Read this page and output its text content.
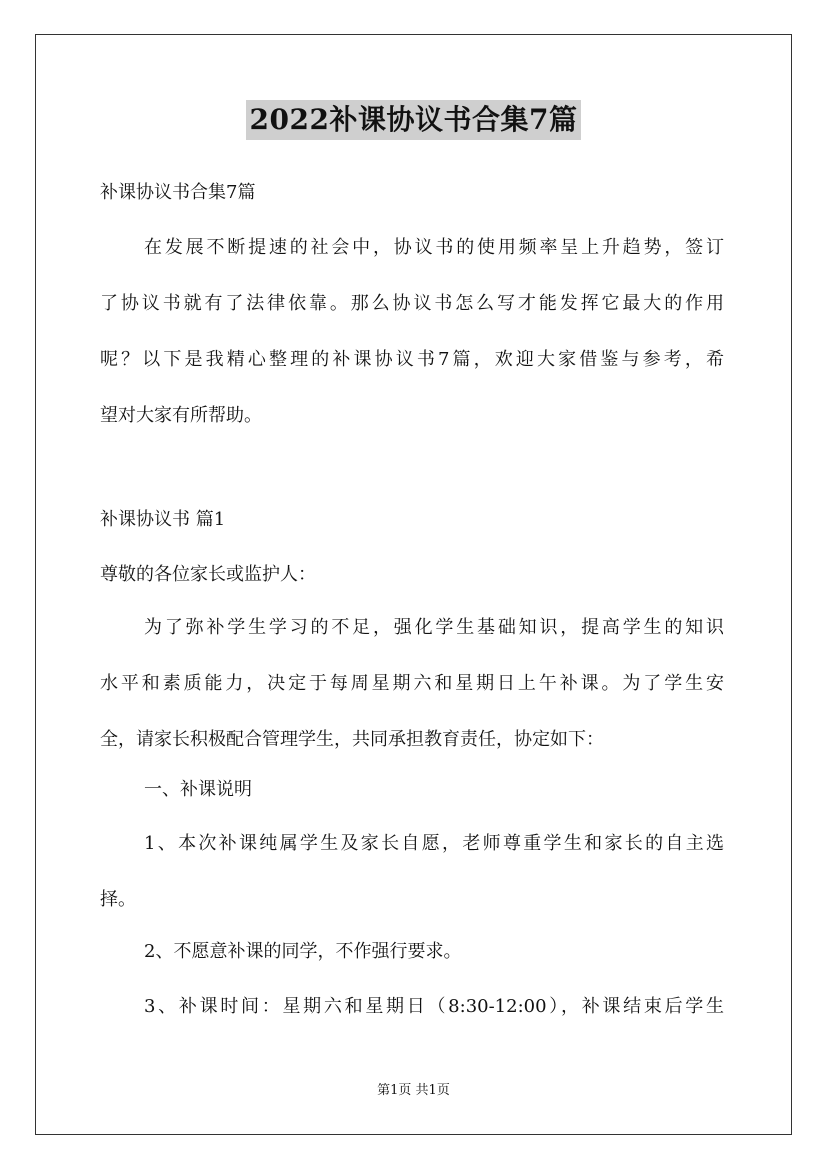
2022补课协议书合集7篇
补课协议书合集7篇
在发展不断提速的社会中，协议书的使用频率呈上升趋势，签订
了协议书就有了法律依靠。那么协议书怎么写才能发挥它最大的作用
呢？以下是我精心整理的补课协议书7篇，欢迎大家借鉴与参考，希
望对大家有所帮助。
补课协议书 篇1
尊敬的各位家长或监护人：
为了弥补学生学习的不足，强化学生基础知识，提高学生的知识
水平和素质能力，决定于每周星期六和星期日上午补课。为了学生安
全，请家长积极配合管理学生，共同承担教育责任，协定如下：
一、补课说明
1、本次补课纯属学生及家长自愿，老师尊重学生和家长的自主选
择。
2、不愿意补课的同学，不作强行要求。
3、补课时间：星期六和星期日（8:30-12:00），补课结束后学生
第1页 共1页
